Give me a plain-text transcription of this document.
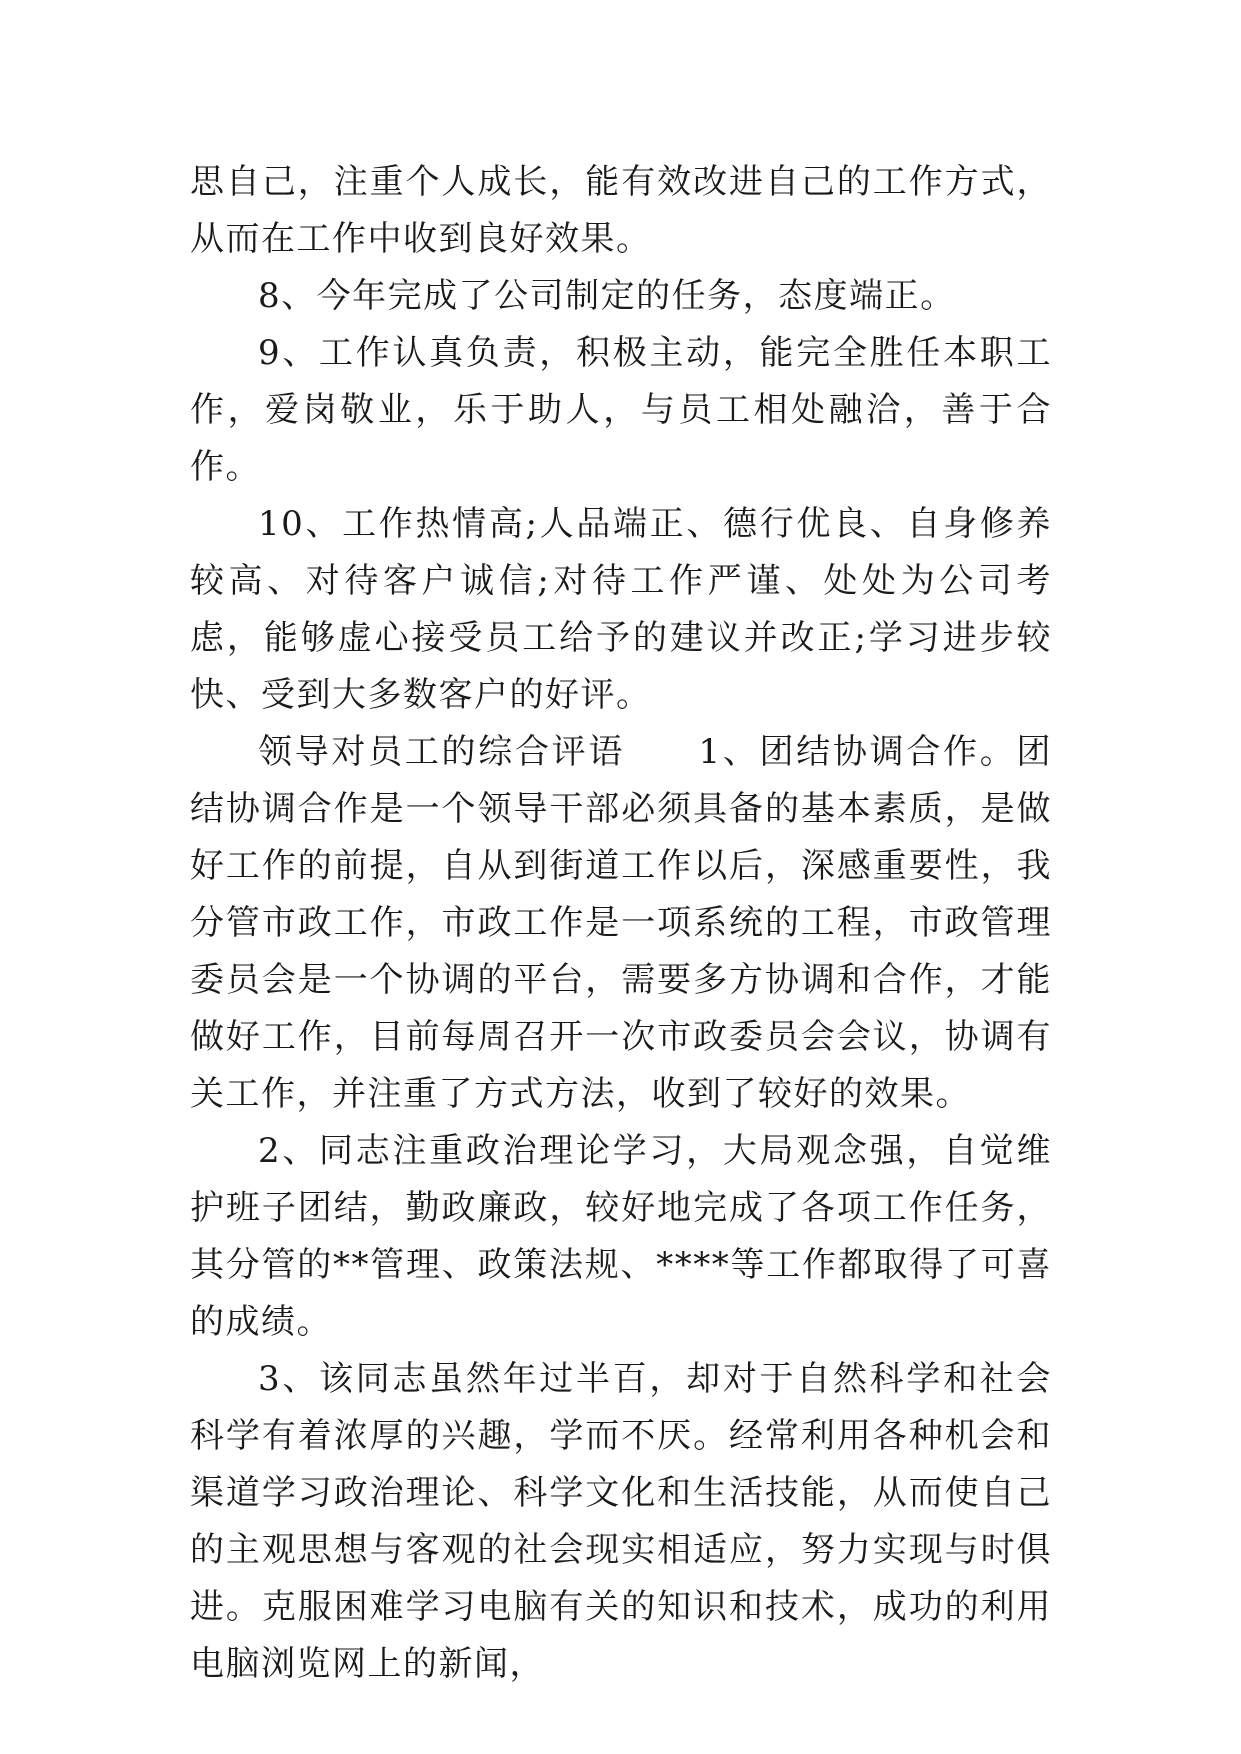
思自己，注重个人成长，能有效改进自己的工作方式，从而在工作中收到良好效果。

8、今年完成了公司制定的任务，态度端正。

9、工作认真负责，积极主动，能完全胜任本职工作，爱岗敬业，乐于助人，与员工相处融洽，善于合作。

10、工作热情高;人品端正、德行优良、自身修养较高、对待客户诚信;对待工作严谨、处处为公司考虑，能够虚心接受员工给予的建议并改正;学习进步较快、受到大多数客户的好评。

领导对员工的综合评语　　1、团结协调合作。团结协调合作是一个领导干部必须具备的基本素质，是做好工作的前提，自从到街道工作以后，深感重要性，我分管市政工作，市政工作是一项系统的工程，市政管理委员会是一个协调的平台，需要多方协调和合作，才能做好工作，目前每周召开一次市政委员会会议，协调有关工作，并注重了方式方法，收到了较好的效果。

2、同志注重政治理论学习，大局观念强，自觉维护班子团结，勤政廉政，较好地完成了各项工作任务，其分管的**管理、政策法规、****等工作都取得了可喜的成绩。

3、该同志虽然年过半百，却对于自然科学和社会科学有着浓厚的兴趣，学而不厌。经常利用各种机会和渠道学习政治理论、科学文化和生活技能，从而使自己的主观思想与客观的社会现实相适应，努力实现与时俱进。克服困难学习电脑有关的知识和技术，成功的利用电脑浏览网上的新闻，
